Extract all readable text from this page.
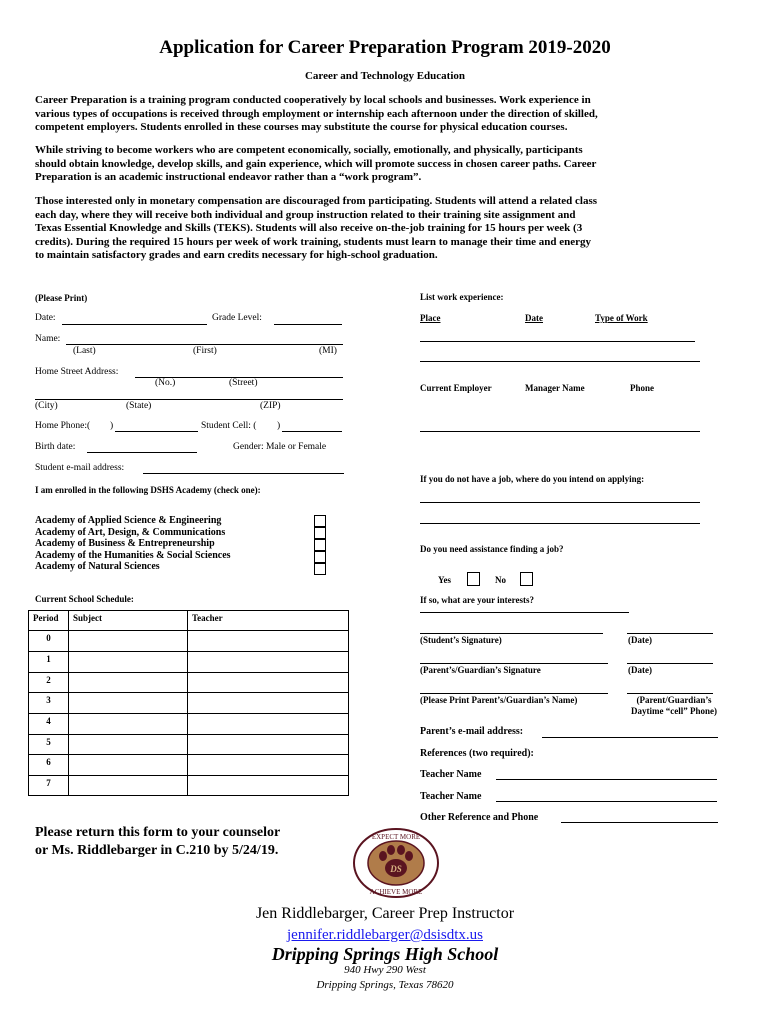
Application for Career Preparation Program 2019-2020
Career and Technology Education
Career Preparation is a training program conducted cooperatively by local schools and businesses. Work experience in
various types of occupations is received through employment or internship each afternoon under the direction of skilled,
competent employers. Students enrolled in these courses may substitute the course for physical education courses.
While striving to become workers who are competent economically, socially, emotionally, and physically, participants
should obtain knowledge, develop skills, and gain experience, which will promote success in chosen career paths. Career
Preparation is an academic instructional endeavor rather than a “work program”.
Those interested only in monetary compensation are discouraged from participating. Students will attend a related class
each day, where they will receive both individual and group instruction related to their training site assignment and
Texas Essential Knowledge and Skills (TEKS). Students will also receive on-the-job training for 15 hours per week (3
credits). During the required 15 hours per week of work training, students must learn to manage their time and energy
to maintain satisfactory grades and earn credits necessary for high-school graduation.
(Please Print)
Date:	Grade Level:
Name:
(Last)	(First)	(MI)
Home Street Address:
(No.)	(Street)
(City)	(State)	(ZIP)
Home Phone:( )	Student Cell: ( )
Birth date:	Gender: Male or Female
Student e-mail address:
I am enrolled in the following DSHS Academy (check one):
Academy of Applied Science & Engineering
Academy of Art, Design, & Communications
Academy of Business & Entrepreneurship
Academy of the Humanities & Social Sciences
Academy of Natural Sciences
Current School Schedule:
Period	Subject	Teacher
0		
1		
2		
3		
4		
5		
6		
7		
List work experience:
Place	Date	Type of Work
Current Employer	Manager Name	Phone
If you do not have a job, where do you intend on applying:
Do you need assistance finding a job?
Yes	No
If so, what are your interests?
(Student’s Signature)	(Date)
(Parent’s/Guardian’s Signature	(Date)
(Please Print Parent’s/Guardian’s Name)	(Parent/Guardian’s
Daytime “cell” Phone)
Parent’s e-mail address:
References (two required):
Teacher Name
Teacher Name
Other Reference and Phone
Please return this form to your counselor
or Ms. Riddlebarger in C.210 by 5/24/19.
DS
EXPECT MORE
ACHIEVE MORE
Jen Riddlebarger, Career Prep Instructor
jennifer.riddlebarger@dsisdtx.us
Dripping Springs High School
940 Hwy 290 West
Dripping Springs, Texas 78620
